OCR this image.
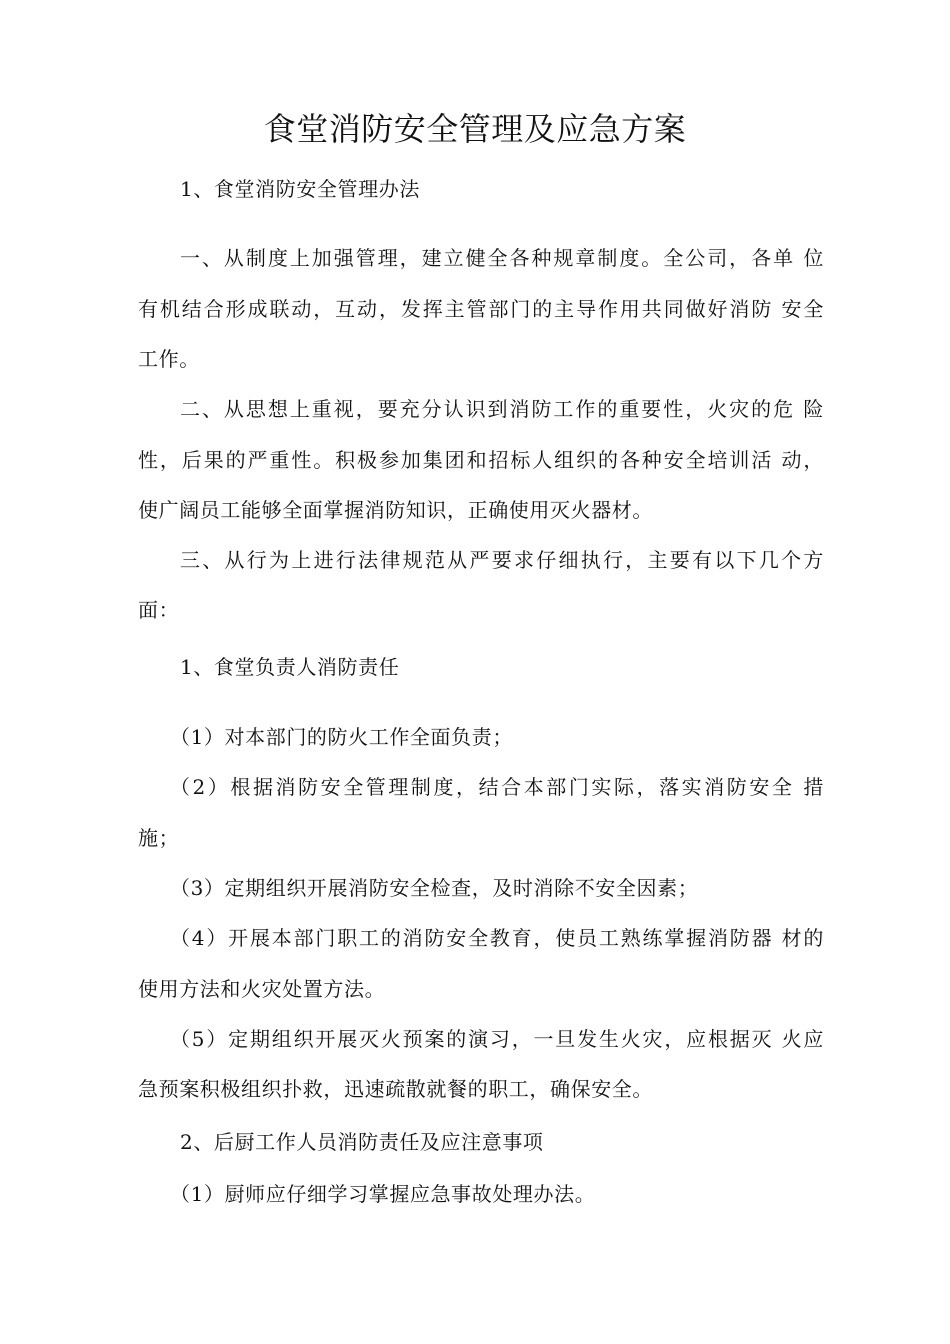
食堂消防安全管理及应急方案
1、食堂消防安全管理办法
一、从制度上加强管理，建立健全各种规章制度。全公司，各单 位
有机结合形成联动，互动，发挥主管部门的主导作用共同做好消防 安全
工作。
二、从思想上重视，要充分认识到消防工作的重要性，火灾的危 险
性，后果的严重性。积极参加集团和招标人组织的各种安全培训活 动，
使广阔员工能够全面掌握消防知识，正确使用灭火器材。
三、从行为上进行法律规范从严要求仔细执行，主要有以下几个方
面：
1、食堂负责人消防责任
（1）对本部门的防火工作全面负责；
（2）根据消防安全管理制度，结合本部门实际，落实消防安全 措
施；
（3）定期组织开展消防安全检查，及时消除不安全因素；
（4）开展本部门职工的消防安全教育，使员工熟练掌握消防器 材的
使用方法和火灾处置方法。
（5）定期组织开展灭火预案的演习，一旦发生火灾，应根据灭 火应
急预案积极组织扑救，迅速疏散就餐的职工，确保安全。
2、后厨工作人员消防责任及应注意事项
（1）厨师应仔细学习掌握应急事故处理办法。
